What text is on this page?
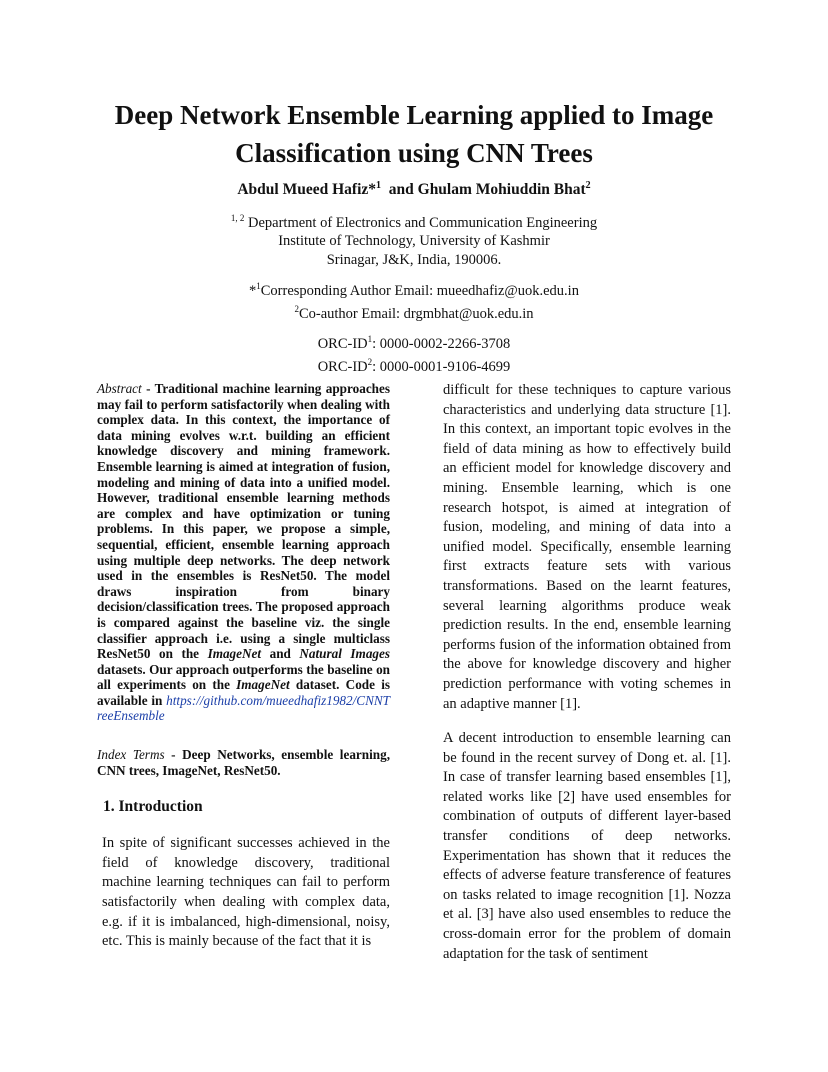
Deep Network Ensemble Learning applied to Image
Classification using CNN Trees
Abdul Mueed Hafiz*$^1$ and Ghulam Mohiuddin Bhat$^2$
$^{1, 2}$ Department of Electronics and Communication Engineering
Institute of Technology, University of Kashmir
Srinagar, J&K, India, 190006.
*$^1$Corresponding Author Email: mueedhafiz@uok.edu.in
$^2$Co-author Email: drgmbhat@uok.edu.in
ORC-$ID^1$: 0000-0002-2266-3708
ORC-$ID^2$: 0000-0001-9106-4699

Abstract - Traditional machine learning approaches may fail to perform satisfactorily when dealing with complex data. In this context, the importance of data mining evolves w.r.t. building an efficient knowledge discovery and mining framework. Ensemble learning is aimed at integration of fusion, modeling and mining of data into a unified model. However, traditional ensemble learning methods are complex and have optimization or tuning problems. In this paper, we propose a simple, sequential, efficient, ensemble learning approach using multiple deep networks. The deep network used in the ensembles is ResNet50. The model draws inspiration from binary decision/classification trees. The proposed approach is compared against the baseline viz. the single classifier approach i.e. using a single multiclass ResNet50 on the ImageNet and Natural Images datasets. Our approach outperforms the baseline on all experiments on the ImageNet dataset. Code is available in https://github.com/mueedhafiz1982/CNNTreeEnsemble

Index Terms - Deep Networks, ensemble learning, CNN trees, ImageNet, ResNet50.

1. Introduction

In spite of significant successes achieved in the field of knowledge discovery, traditional machine learning techniques can fail to perform satisfactorily when dealing with complex data, e.g. if it is imbalanced, high-dimensional, noisy, etc. This is mainly because of the fact that it is

difficult for these techniques to capture various characteristics and underlying data structure [1]. In this context, an important topic evolves in the field of data mining as how to effectively build an efficient model for knowledge discovery and mining. Ensemble learning, which is one research hotspot, is aimed at integration of fusion, modeling, and mining of data into a unified model. Specifically, ensemble learning first extracts feature sets with various transformations. Based on the learnt features, several learning algorithms produce weak prediction results. In the end, ensemble learning performs fusion of the information obtained from the above for knowledge discovery and higher prediction performance with voting schemes in an adaptive manner [1].

A decent introduction to ensemble learning can be found in the recent survey of Dong et. al. [1]. In case of transfer learning based ensembles [1], related works like [2] have used ensembles for combination of outputs of different layer-based transfer conditions of deep networks. Experimentation has shown that it reduces the effects of adverse feature transference of features on tasks related to image recognition [1]. Nozza et al. [3] have also used ensembles to reduce the cross-domain error for the problem of domain adaptation for the task of sentiment
